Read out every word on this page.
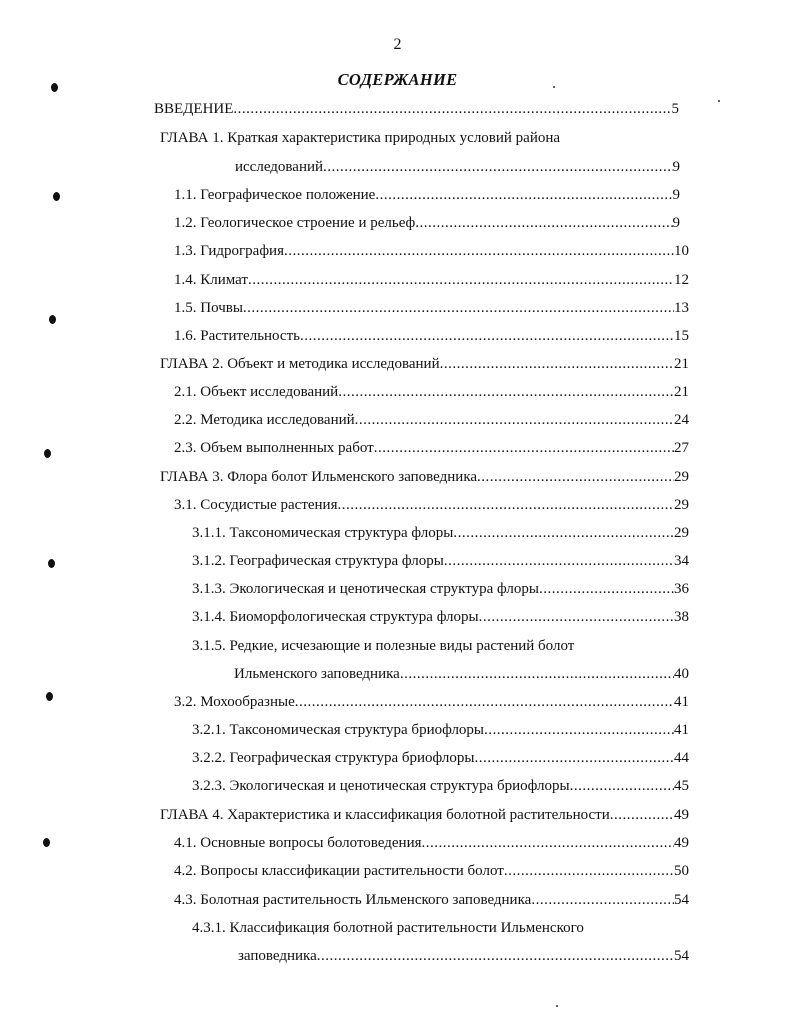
2
СОДЕРЖАНИЕ
ВВЕДЕНИЕ .....	5
ГЛАВА 1. Краткая характеристика природных условий района
исследований .....	9
1.1. Географическое положение .....	9
1.2. Геологическое строение и рельеф .....	9
1.3. Гидрография .....	10
1.4. Климат .....	12
1.5. Почвы .....	13
1.6. Растительность .....	15
ГЛАВА 2. Объект и методика исследований .....	21
2.1. Объект исследований .....	21
2.2. Методика исследований .....	24
2.3. Объем выполненных работ .....	27
ГЛАВА 3. Флора болот Ильменского заповедника .....	29
3.1. Сосудистые растения .....	29
3.1.1. Таксономическая структура флоры .....	29
3.1.2. Географическая структура флоры .....	34
3.1.3. Экологическая и ценотическая структура флоры .....	36
3.1.4. Биоморфологическая структура флоры .....	38
3.1.5. Редкие, исчезающие и полезные виды растений болот
Ильменского заповедника .....	40
3.2. Мохообразные .....	41
3.2.1. Таксономическая структура бриофлоры .....	41
3.2.2. Географическая структура бриофлоры .....	44
3.2.3. Экологическая и ценотическая структура бриофлоры .....	45
ГЛАВА 4. Характеристика и классификация болотной растительности .....	49
4.1. Основные вопросы болотоведения .....	49
4.2. Вопросы классификации растительности болот .....	50
4.3. Болотная растительность Ильменского заповедника .....	54
4.3.1. Классификация болотной растительности Ильменского
заповедника .....	54
